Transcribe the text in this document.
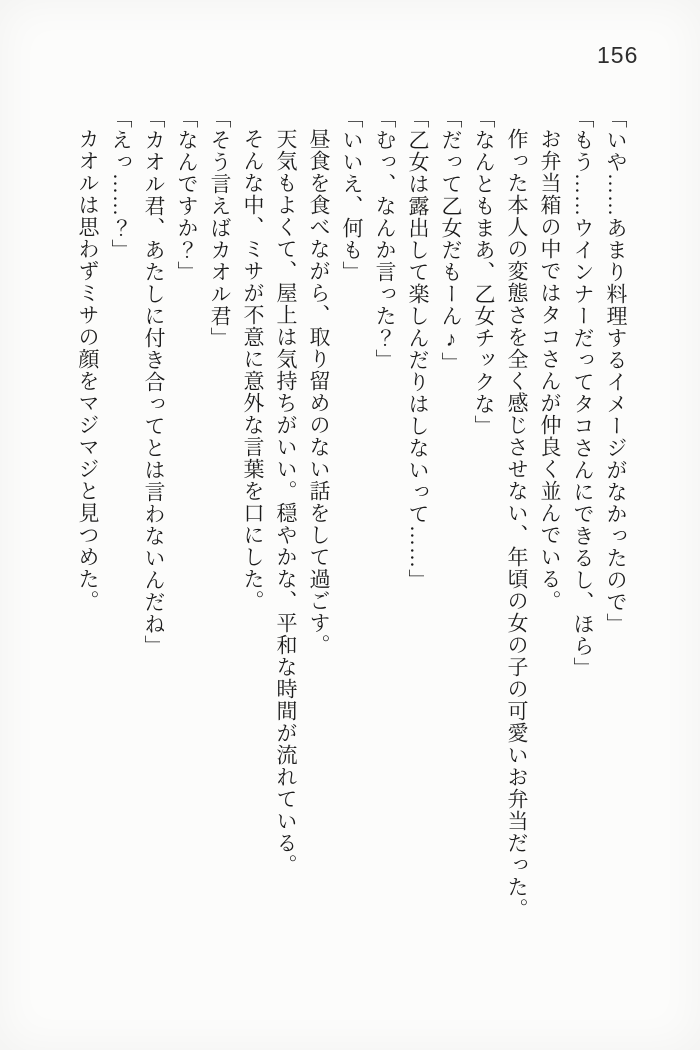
156

「いや……あまり料理するイメージがなかったので」

「もう……ウインナーだってタコさんにできるし、ほら」

お弁当箱の中ではタコさんが仲良く並んでいる。

作った本人の変態さを全く感じさせない、年頃の女の子の可愛いお弁当だった。

「なんともまあ、乙女チックな」

「だって乙女だもーん♪」

「乙女は露出して楽しんだりはしないって……」

「むっ、なんか言った？」

「いいえ、何も」

昼食を食べながら、取り留めのない話をして過ごす。

天気もよくて、屋上は気持ちがいい。穏やかな、平和な時間が流れている。

そんな中、ミサが不意に意外な言葉を口にした。

「そう言えばカオル君」

「なんですか？」

「カオル君、あたしに付き合ってとは言わないんだね」

「えっ……？」

カオルは思わずミサの顔をマジマジと見つめた。
